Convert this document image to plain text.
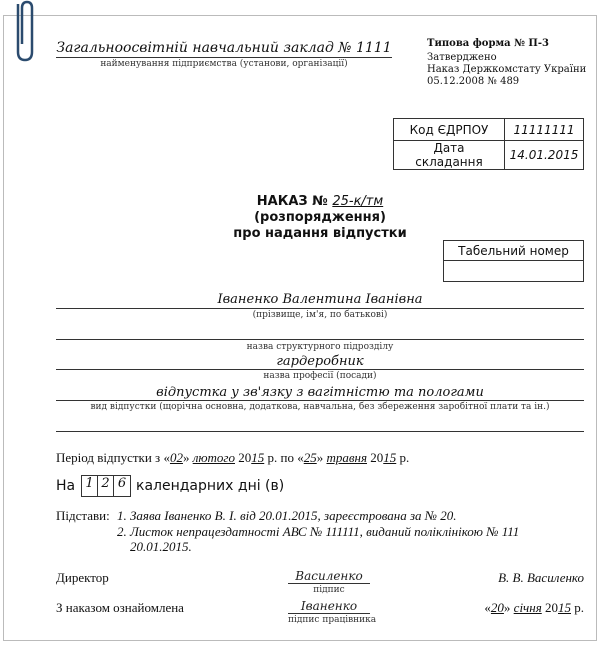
Загальноосвітній навчальний заклад № 1111
найменування підприємства (установи, організації)
Типова форма № П-3
Затверджено
Наказ Держкомстату України
05.12.2008 № 489
Код ЄДРПОУ	11111111
Дата складання	14.01.2015
НАКАЗ № 25-к/тм
(розпорядження)
про надання відпустки
Табельний номер

Іваненко Валентина Іванівна
(прізвище, ім'я, по батькові)
назва структурного підрозділу
гардеробник
назва професії (посади)
відпустка у зв'язку з вагітністю та пологами
вид відпустки (щорічна основна, додаткова, навчальна, без збереження заробітної плати та ін.)
Період відпустки з «02» лютого 2015 р. по «25» травня 2015 р.
На 1 2 6 календарних дні (в)
Підстави: 1. Заява Іваненко В. І. від 20.01.2015, зареєстрована за № 20.
2. Листок непрацездатності АВС № 111111, виданий поліклінікою № 111
20.01.2015.
Директор	Василенко
підпис
В. В. Василенко
З наказом ознайомлена	Іваненко
підпис працівника
«20» січня 2015 р.
